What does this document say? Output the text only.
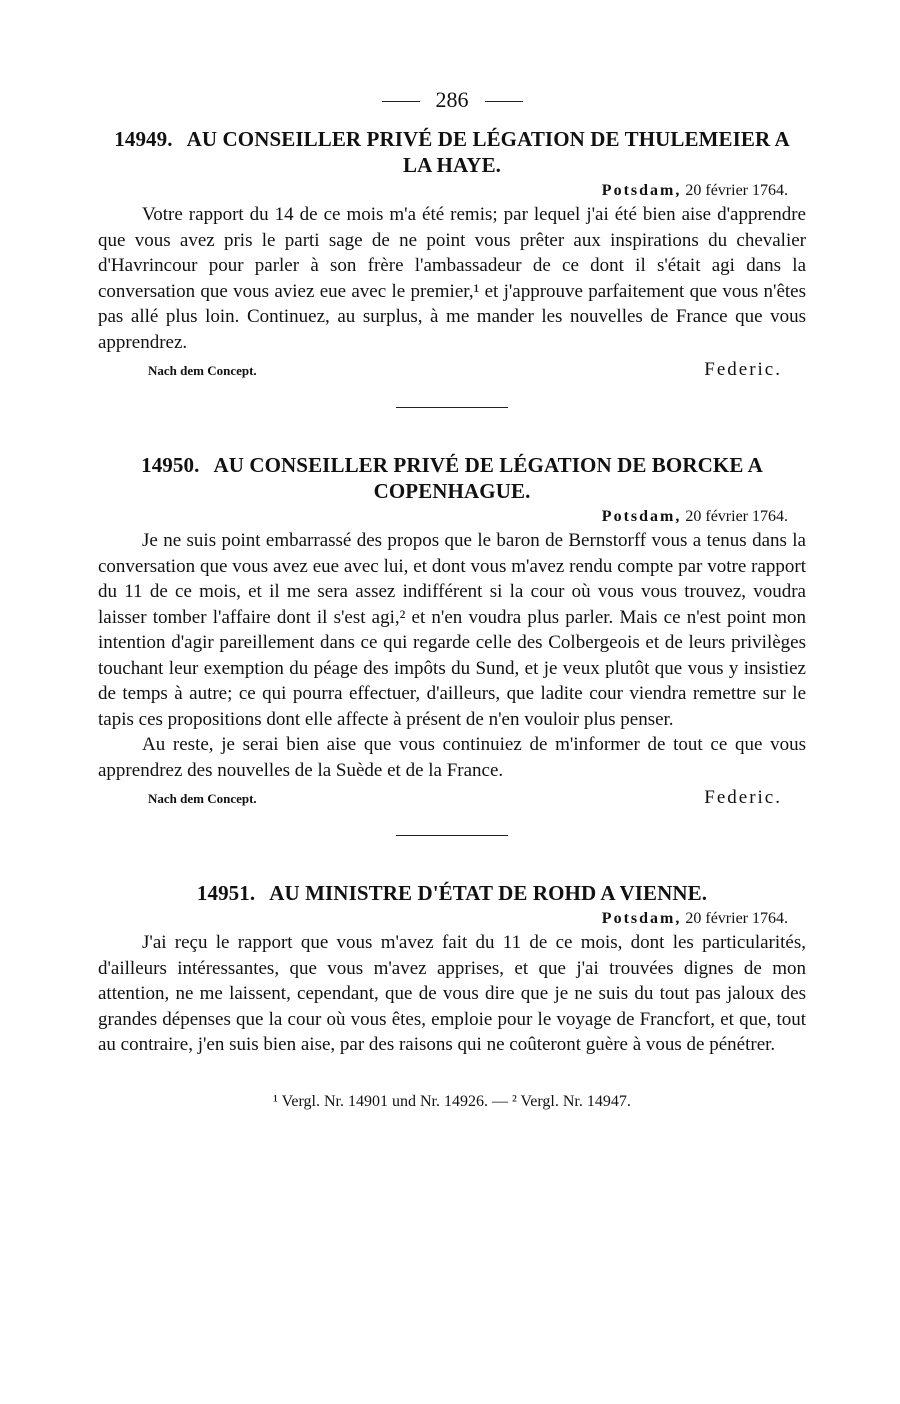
286
14949. AU CONSEILLER PRIVÉ DE LÉGATION DE THULEMEIER A LA HAYE.
Potsdam, 20 février 1764.

Votre rapport du 14 de ce mois m'a été remis; par lequel j'ai été bien aise d'apprendre que vous avez pris le parti sage de ne point vous prêter aux inspirations du chevalier d'Havrincour pour parler à son frère l'ambassadeur de ce dont il s'était agi dans la conversation que vous aviez eue avec le premier,¹ et j'approuve parfaitement que vous n'êtes pas allé plus loin. Continuez, au surplus, à me mander les nouvelles de France que vous apprendrez.

Nach dem Concept.	Federic.
14950. AU CONSEILLER PRIVÉ DE LÉGATION DE BORCKE A COPENHAGUE.
Potsdam, 20 février 1764.

Je ne suis point embarrassé des propos que le baron de Bernstorff vous a tenus dans la conversation que vous avez eue avec lui, et dont vous m'avez rendu compte par votre rapport du 11 de ce mois, et il me sera assez indifférent si la cour où vous vous trouvez, voudra laisser tomber l'affaire dont il s'est agi,² et n'en voudra plus parler. Mais ce n'est point mon intention d'agir pareillement dans ce qui regarde celle des Colbergeois et de leurs privilèges touchant leur exemption du péage des impôts du Sund, et je veux plutôt que vous y insistiez de temps à autre; ce qui pourra effectuer, d'ailleurs, que ladite cour viendra remettre sur le tapis ces propositions dont elle affecte à présent de n'en vouloir plus penser.

Au reste, je serai bien aise que vous continuiez de m'informer de tout ce que vous apprendrez des nouvelles de la Suède et de la France.

Nach dem Concept.	Federic.
14951. AU MINISTRE D'ÉTAT DE ROHD A VIENNE.
Potsdam, 20 février 1764.

J'ai reçu le rapport que vous m'avez fait du 11 de ce mois, dont les particularités, d'ailleurs intéressantes, que vous m'avez apprises, et que j'ai trouvées dignes de mon attention, ne me laissent, cependant, que de vous dire que je ne suis du tout pas jaloux des grandes dépenses que la cour où vous êtes, emploie pour le voyage de Francfort, et que, tout au contraire, j'en suis bien aise, par des raisons qui ne coûteront guère à vous de pénétrer.

¹ Vergl. Nr. 14901 und Nr. 14926. — ² Vergl. Nr. 14947.
